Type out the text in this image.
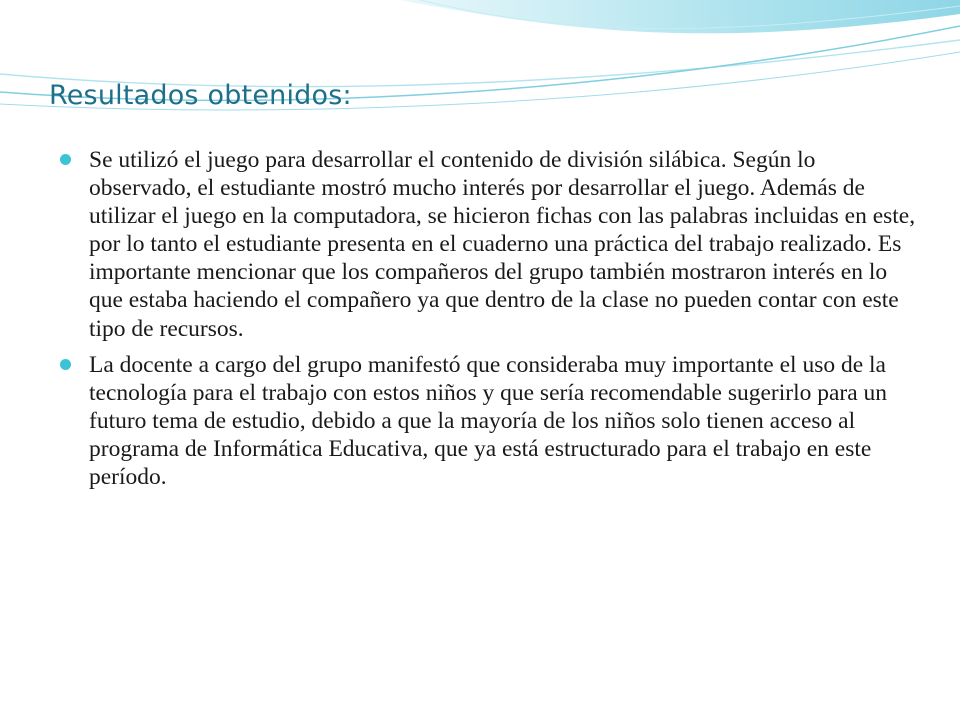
Resultados obtenidos:
Se utilizó el juego para desarrollar el contenido de división silábica. Según lo observado, el estudiante mostró mucho interés por desarrollar el juego. Además de utilizar el juego en la computadora, se hicieron fichas con las palabras incluidas en este, por lo tanto el estudiante presenta en el cuaderno una práctica del trabajo realizado. Es importante mencionar que los compañeros del grupo también mostraron interés en lo que estaba haciendo el compañero ya que dentro de la clase no pueden contar con este tipo de recursos.
La docente a cargo del grupo manifestó que consideraba muy importante el uso de la tecnología para el trabajo con estos niños y que sería recomendable sugerirlo para un futuro tema de estudio, debido a que la mayoría de los niños solo tienen acceso al programa de Informática Educativa, que ya está estructurado para el trabajo en este período.
